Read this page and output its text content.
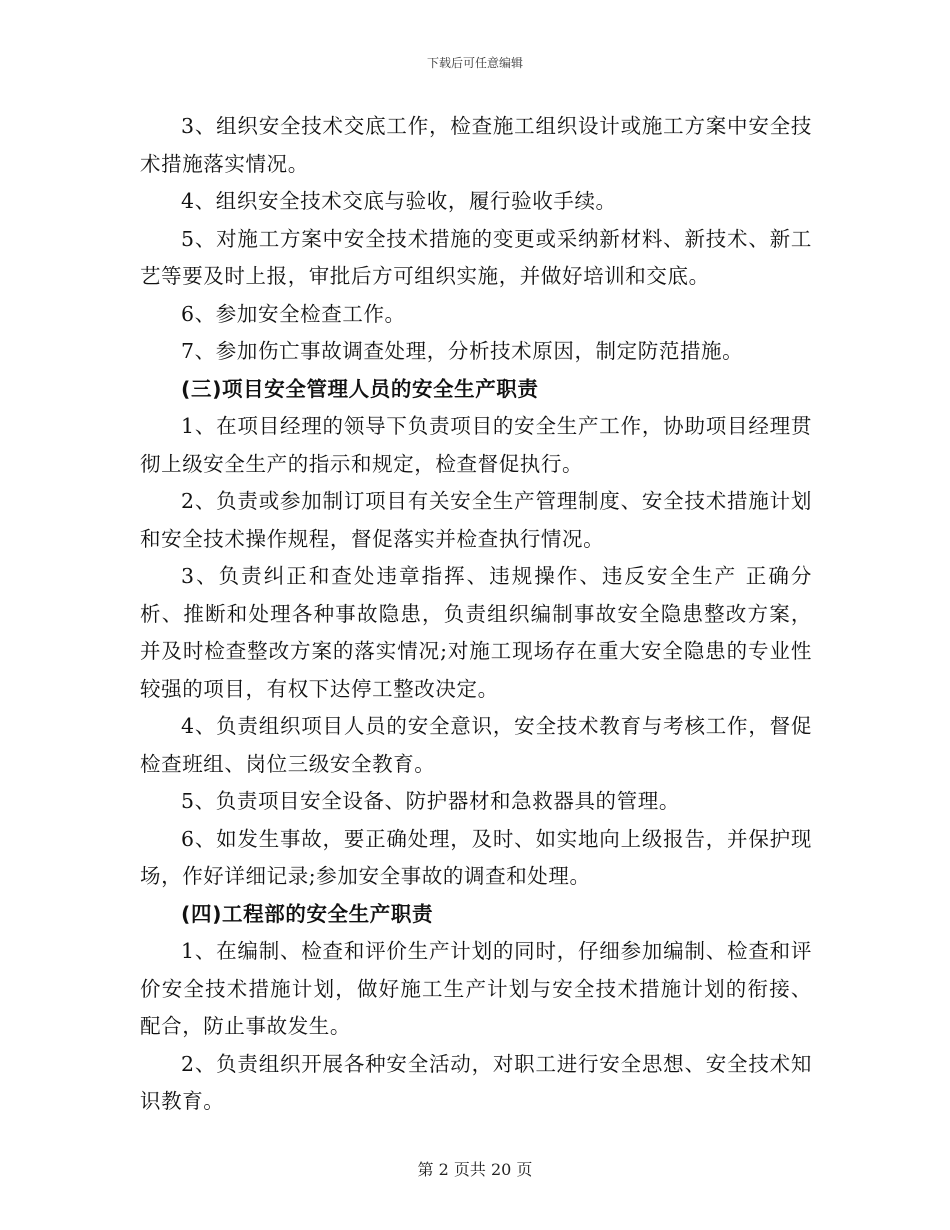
下载后可任意编辑

3、组织安全技术交底工作，检查施工组织设计或施工方案中安全技术措施落实情况。

4、组织安全技术交底与验收，履行验收手续。

5、对施工方案中安全技术措施的变更或采纳新材料、新技术、新工艺等要及时上报，审批后方可组织实施，并做好培训和交底。

6、参加安全检查工作。

7、参加伤亡事故调查处理，分析技术原因，制定防范措施。

(三)项目安全管理人员的安全生产职责

1、在项目经理的领导下负责项目的安全生产工作，协助项目经理贯彻上级安全生产的指示和规定，检查督促执行。

2、负责或参加制订项目有关安全生产管理制度、安全技术措施计划和安全技术操作规程，督促落实并检查执行情况。

3、负责纠正和查处违章指挥、违规操作、违反安全生产 正确分析、推断和处理各种事故隐患，负责组织编制事故安全隐患整改方案，并及时检查整改方案的落实情况;对施工现场存在重大安全隐患的专业性较强的项目，有权下达停工整改决定。

4、负责组织项目人员的安全意识，安全技术教育与考核工作，督促检查班组、岗位三级安全教育。

5、负责项目安全设备、防护器材和急救器具的管理。

6、如发生事故，要正确处理，及时、如实地向上级报告，并保护现场，作好详细记录;参加安全事故的调查和处理。

(四)工程部的安全生产职责

1、在编制、检查和评价生产计划的同时，仔细参加编制、检查和评价安全技术措施计划，做好施工生产计划与安全技术措施计划的衔接、配合，防止事故发生。

2、负责组织开展各种安全活动，对职工进行安全思想、安全技术知识教育。

第 2 页共 20 页
